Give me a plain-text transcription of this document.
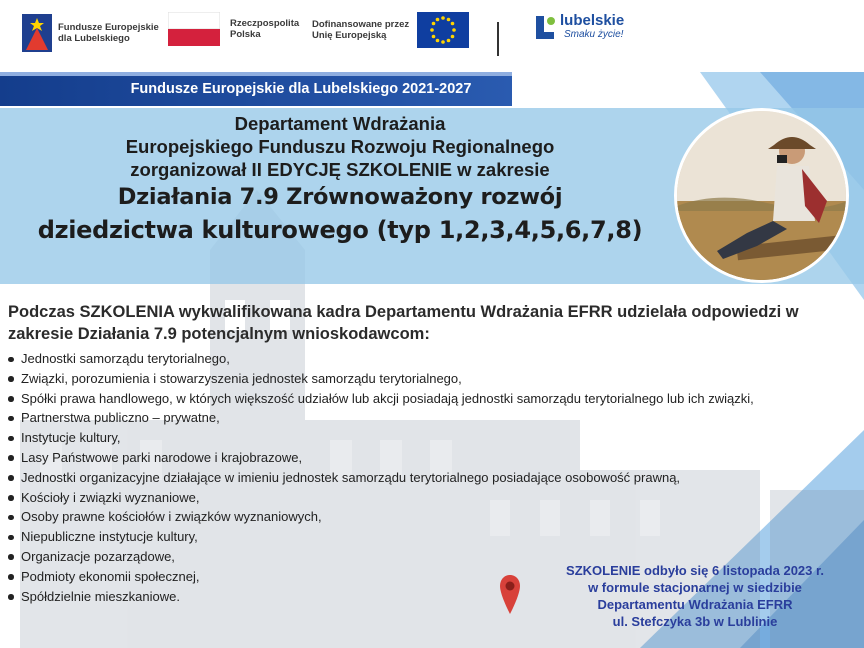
Fundusze Europejskie
dla Lubelskiego
Rzeczpospolita
Polska
Dofinansowane przez
Unię Europejską
lubelskie
Smaku życie!
Fundusze Europejskie dla Lubelskiego 2021-2027
Departament Wdrażania
Europejskiego Funduszu Rozwoju Regionalnego
zorganizował II EDYCJĘ SZKOLENIE w zakresie
Działania 7.9 Zrównoważony rozwój
dziedzictwa kulturowego (typ 1,2,3,4,5,6,7,8)
Podczas SZKOLENIA wykwalifikowana kadra Departamentu Wdrażania EFRR udzielała odpowiedzi w zakresie Działania 7.9 potencjalnym wnioskodawcom:
Jednostki samorządu terytorialnego,
Związki, porozumienia i stowarzyszenia jednostek samorządu terytorialnego,
Spółki prawa handlowego, w których większość udziałów lub akcji posiadają jednostki samorządu terytorialnego lub ich związki,
Partnerstwa publiczno – prywatne,
Instytucje kultury,
Lasy Państwowe parki narodowe i krajobrazowe,
Jednostki organizacyjne działające w imieniu jednostek samorządu terytorialnego posiadające osobowość prawną,
Kościoły i związki wyznaniowe,
Osoby prawne kościołów i związków wyznaniowych,
Niepubliczne instytucje kultury,
Organizacje pozarządowe,
Podmioty ekonomii społecznej,
Spółdzielnie mieszkaniowe.
SZKOLENIE odbyło się 6 listopada 2023 r.
w formule stacjonarnej w siedzibie
Departamentu Wdrażania EFRR
ul. Stefczyka 3b w Lublinie
